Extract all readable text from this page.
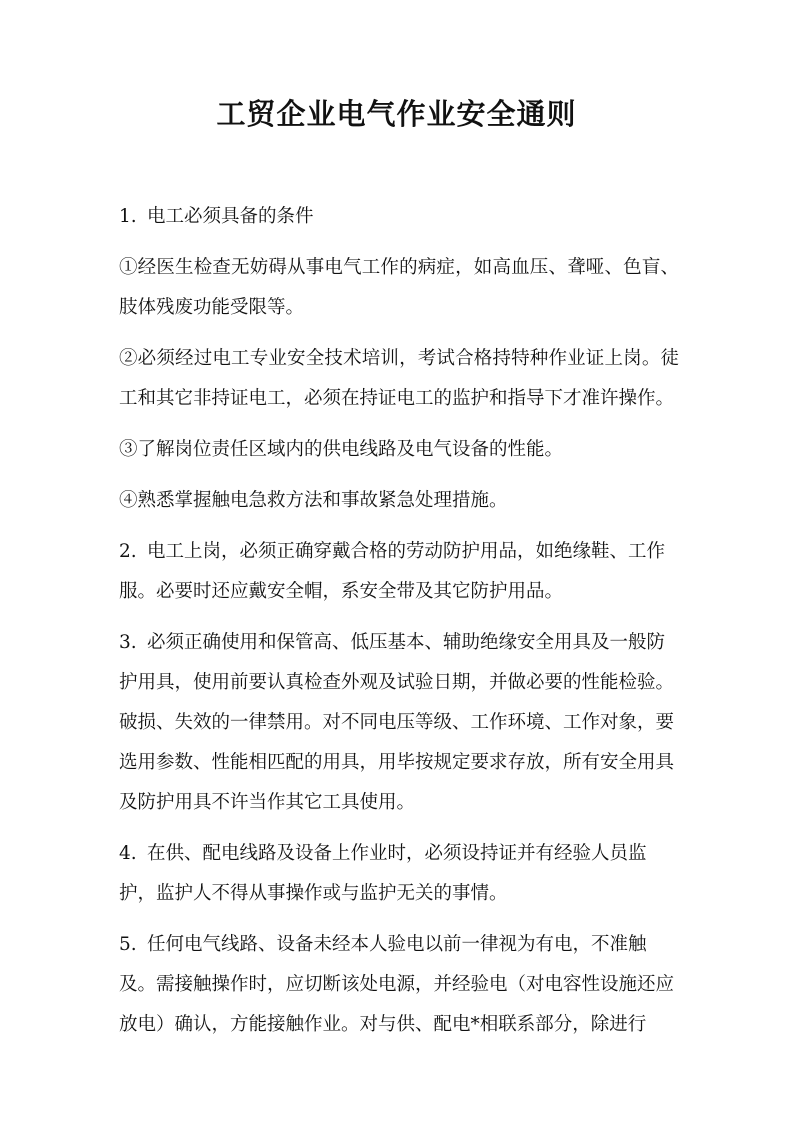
工贸企业电气作业安全通则
1. 电工必须具备的条件

①经医生检查无妨碍从事电气工作的病症，如高血压、聋哑、色盲、肢体残废功能受限等。

②必须经过电工专业安全技术培训，考试合格持特种作业证上岗。徒工和其它非持证电工，必须在持证电工的监护和指导下才准许操作。

③了解岗位责任区域内的供电线路及电气设备的性能。

④熟悉掌握触电急救方法和事故紧急处理措施。

2. 电工上岗，必须正确穿戴合格的劳动防护用品，如绝缘鞋、工作服。必要时还应戴安全帽，系安全带及其它防护用品。
3. 必须正确使用和保管高、低压基本、辅助绝缘安全用具及一般防护用具，使用前要认真检查外观及试验日期，并做必要的性能检验。破损、失效的一律禁用。对不同电压等级、工作环境、工作对象，要选用参数、性能相匹配的用具，用毕按规定要求存放，所有安全用具及防护用具不许当作其它工具使用。
4. 在供、配电线路及设备上作业时，必须设持证并有经验人员监护，监护人不得从事操作或与监护无关的事情。
5. 任何电气线路、设备未经本人验电以前一律视为有电，不准触及。需接触操作时，应切断该处电源，并经验电（对电容性设施还应放电）确认，方能接触作业。对与供、配电*相联系部分，除进行
